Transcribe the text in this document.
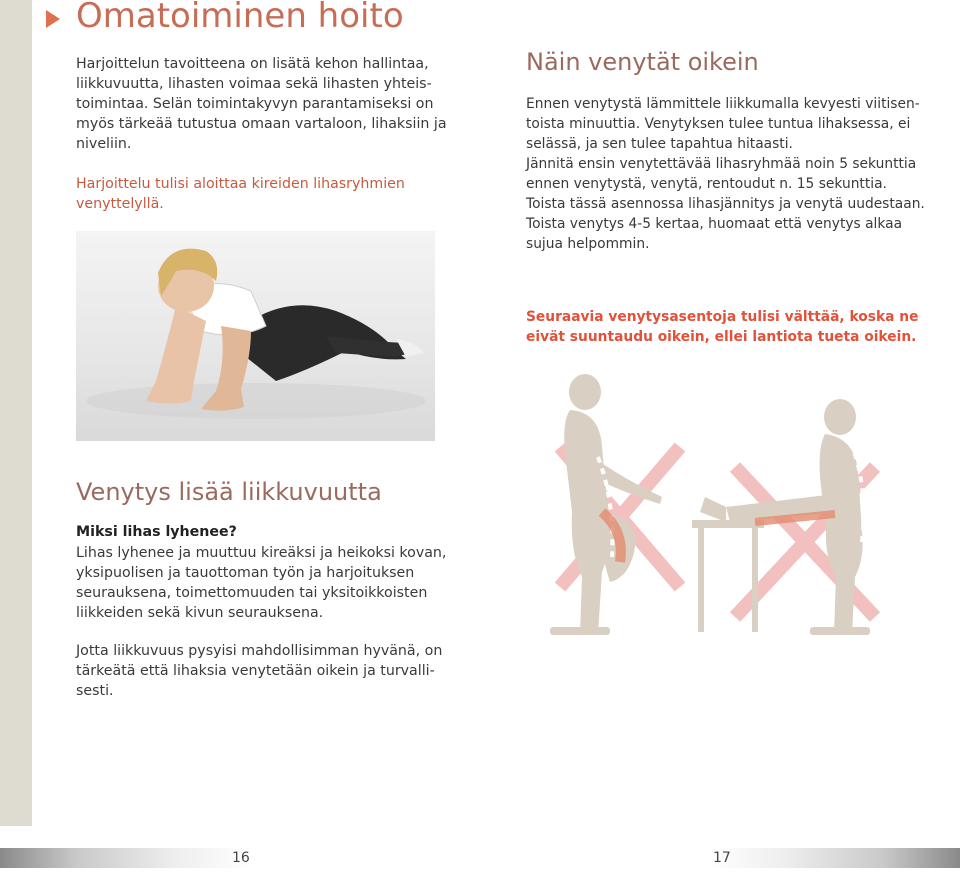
Omatoiminen hoito

Harjoittelun tavoitteena on lisätä kehon hallintaa,
liikkuvuutta, lihasten voimaa sekä lihasten yhteis-
toimintaa. Selän toimintakyvyn parantamiseksi on
myös tärkeää tutustua omaan vartaloon, lihaksiin ja
niveliin.

Harjoittelu tulisi aloittaa kireiden lihasryhmien
venyttelyllä.

Venytys lisää liikkuvuutta

Miksi lihas lyhenee?

Lihas lyhenee ja muuttuu kireäksi ja heikoksi kovan,
yksipuolisen ja tauottoman työn ja harjoituksen
seurauksena, toimettomuuden tai yksitoikkoisten
liikkeiden sekä kivun seurauksena.

Jotta liikkuvuus pysyisi mahdollisimman hyvänä, on
tärkeätä että lihaksia venytetään oikein ja turvalli-
sesti.

Näin venytät oikein

Ennen venytystä lämmittele liikkumalla kevyesti viitisen-
toista minuuttia. Venytyksen tulee tuntua lihaksessa, ei
selässä, ja sen tulee tapahtua hitaasti.
Jännitä ensin venytettävää lihasryhmää noin 5 sekunttia
ennen venytystä, venytä, rentoudut n. 15 sekunttia.
Toista tässä asennossa lihasjännitys ja venytä uudestaan.
Toista venytys 4-5 kertaa, huomaat että venytys alkaa
sujua helpommin.

Seuraavia venytysasentoja tulisi välttää, koska ne
eivät suuntaudu oikein, ellei lantiota tueta oikein.

16	17
